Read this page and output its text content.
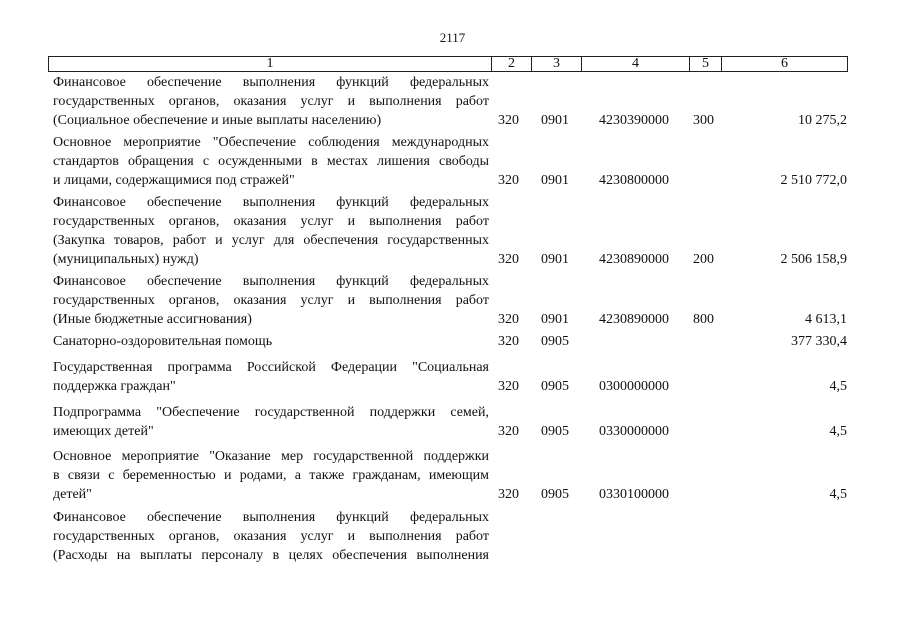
2117
1	2	3	4	5	6
Финансовое обеспечение выполнения функций федеральных
государственных органов, оказания услуг и выполнения работ
(Социальное обеспечение и иные выплаты населению)	320 0901 4230390000 300	10 275,2
Основное мероприятие "Обеспечение соблюдения международных
стандартов обращения с осужденными в местах лишения свободы
и лицами, содержащимися под стражей"	320 0901 4230800000	2 510 772,0
Финансовое обеспечение выполнения функций федеральных
государственных органов, оказания услуг и выполнения работ
(Закупка товаров, работ и услуг для обеспечения государственных
(муниципальных) нужд)	320 0901 4230890000 200	2 506 158,9
Финансовое обеспечение выполнения функций федеральных
государственных органов, оказания услуг и выполнения работ
(Иные бюджетные ассигнования)	320 0901 4230890000 800	4 613,1
Санаторно-оздоровительная помощь	320 0905	377 330,4
Государственная программа Российской Федерации "Социальная
поддержка граждан"	320 0905 0300000000	4,5
Подпрограмма "Обеспечение государственной поддержки семей,
имеющих детей"	320 0905 0330000000	4,5
Основное мероприятие "Оказание мер государственной поддержки
в связи с беременностью и родами, а также гражданам, имеющим
детей"	320 0905 0330100000	4,5
Финансовое обеспечение выполнения функций федеральных
государственных органов, оказания услуг и выполнения работ
(Расходы на выплаты персоналу в целях обеспечения выполнения
